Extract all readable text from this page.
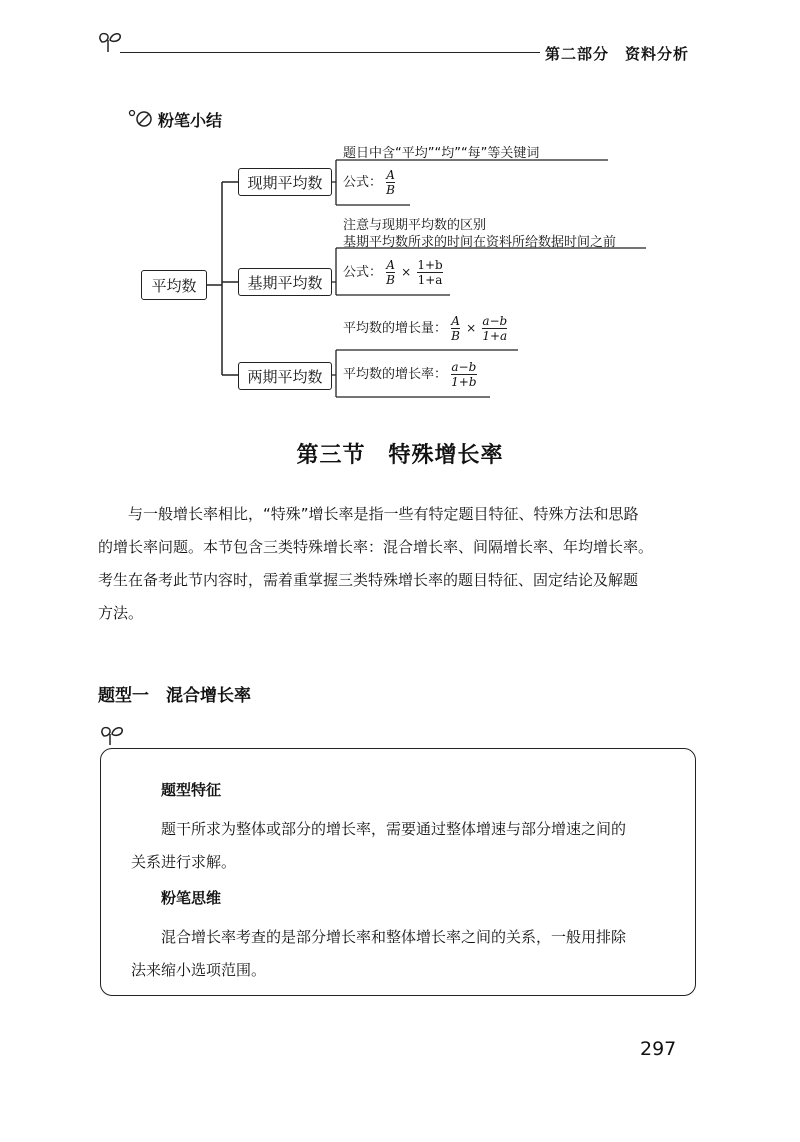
第二部分　资料分析
粉笔小结
平均数
现期平均数
题日中含“平均”“均”“每”等关键词
公式： $\frac{A}{B}$
基期平均数
注意与现期平均数的区别
基期平均数所求的时间在资料所给数据时间之前
公式： $\frac{A}{B} \times \frac{1+b}{1+a}$
两期平均数
平均数的增长量： $\frac{A}{B} \times \frac{a-b}{1+a}$
平均数的增长率： $\frac{a-b}{1+b}$
第三节　特殊增长率

与一般增长率相比，“特殊”增长率是指一些有特定题目特征、特殊方法和思路

的增长率问题。本节包含三类特殊增长率：混合增长率、间隔增长率、年均增长率。

考生在备考此节内容时，需着重掌握三类特殊增长率的题目特征、固定结论及解题

方法。

题型一　混合增长率
题型特征
题干所求为整体或部分的增长率，需要通过整体增速与部分增速之间的
关系进行求解。
粉笔思维
混合增长率考查的是部分增长率和整体增长率之间的关系，一般用排除
法来缩小选项范围。
297
